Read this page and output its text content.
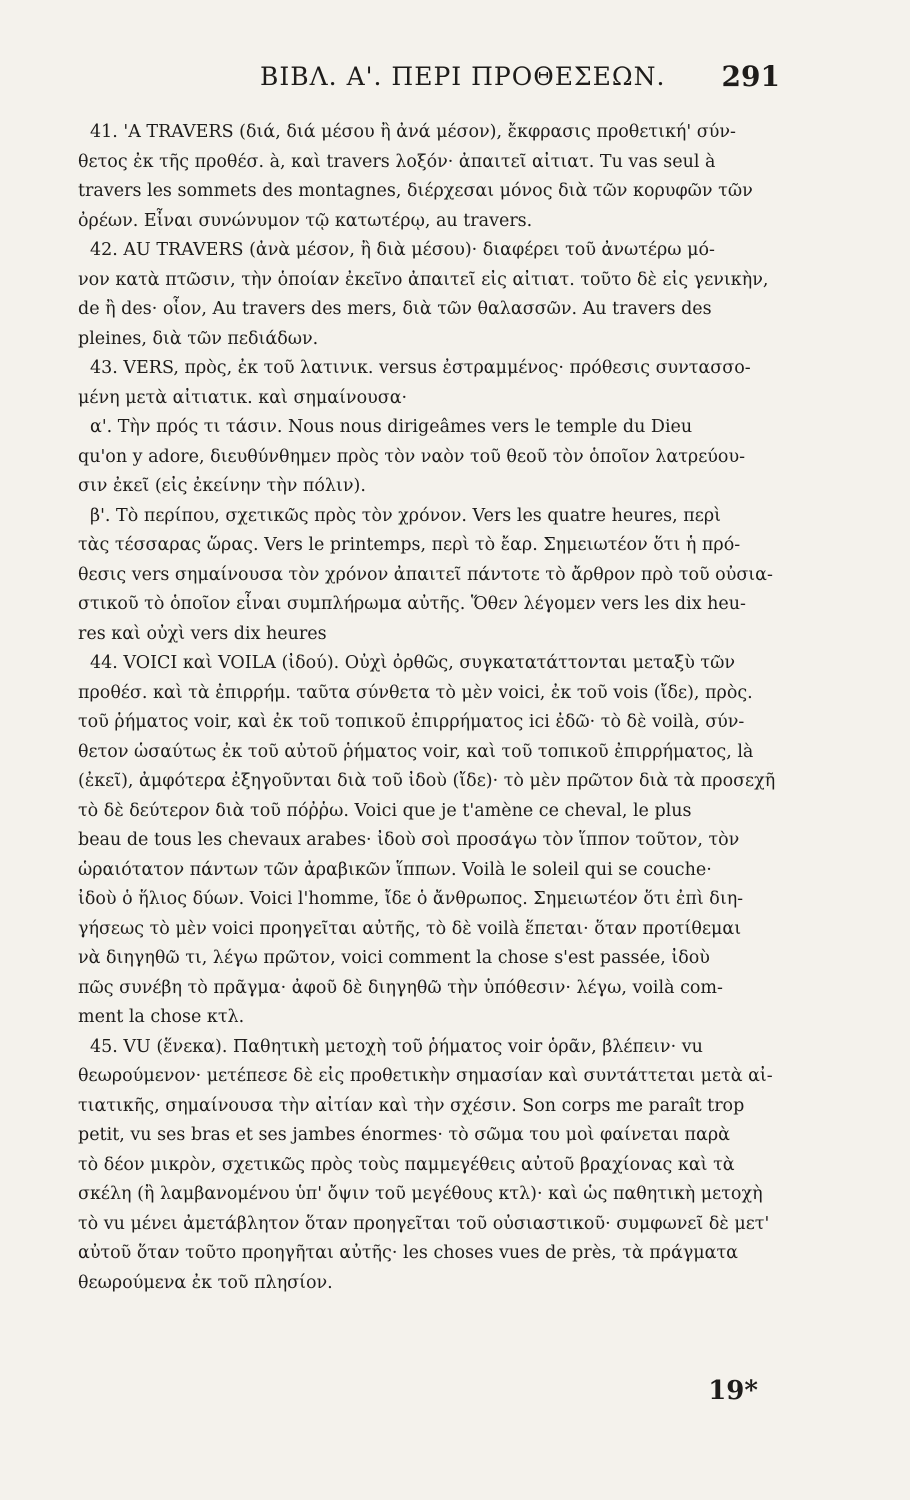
ΒΙΒΛ. Α'. ΠΕΡΙ ΠΡΟΘΕΣΕΩΝ. 291
41. 'A TRAVERS (διά, διά μέσου ἢ ἀνά μέσον), ἔκφρασις προθετική' σύν-
θετος ἐκ τῆς προθέσ. à, καὶ travers λοξόν· ἀπαιτεῖ αἰτιατ. Tu vas seul à
travers les sommets des montagnes, διέρχεσαι μόνος διὰ τῶν κορυφῶν τῶν
ὀρέων. Εἶναι συνώνυμον τῷ κατωτέρῳ, au travers.
42. AU TRAVERS (ἀνὰ μέσον, ἢ διὰ μέσου)· διαφέρει τοῦ ἀνωτέρω μό-
νον κατὰ πτῶσιν, τὴν ὁποίαν ἐκεῖνο ἀπαιτεῖ εἰς αἰτιατ. τοῦτο δὲ εἰς γενικὴν,
de ἢ des· οἷον, Au travers des mers, διὰ τῶν θαλασσῶν. Au travers des
pleines, διὰ τῶν πεδιάδων.
43. VERS, πρὸς, ἐκ τοῦ λατινικ. versus ἐστραμμένος· πρόθεσις συντασσο-
μένη μετὰ αἰτιατικ. καὶ σημαίνουσα·
α'. Τὴν πρός τι τάσιν. Nous nous dirigeâmes vers le temple du Dieu
qu'on y adore, διευθύνθημεν πρὸς τὸν ναὸν τοῦ θεοῦ τὸν ὁποῖον λατρεύου-
σιν ἐκεῖ (εἰς ἐκείνην τὴν πόλιν).
β'. Τὸ περίπου, σχετικῶς πρὸς τὸν χρόνον. Vers les quatre heures, περὶ
τὰς τέσσαρας ὥρας. Vers le printemps, περὶ τὸ ἔαρ. Σημειωτέον ὅτι ἡ πρό-
θεσις vers σημαίνουσα τὸν χρόνον ἀπαιτεῖ πάντοτε τὸ ἄρθρον πρὸ τοῦ οὐσια-
στικοῦ τὸ ὁποῖον εἶναι συμπλήρωμα αὐτῆς. Ὅθεν λέγομεν vers les dix heu-
res καὶ οὐχὶ vers dix heures
44. VOICI καὶ VOILA (ἰδού). Οὐχὶ ὀρθῶς, συγκατατάττονται μεταξὺ τῶν
προθέσ. καὶ τὰ ἐπιρρήμ. ταῦτα σύνθετα τὸ μὲν voici, ἐκ τοῦ vois (ἴδε), πρὸς.
τοῦ ῥήματος voir, καὶ ἐκ τοῦ τοπικοῦ ἐπιρρήματος ici ἐδῶ· τὸ δὲ voilà, σύν-
θετον ὡσαύτως ἐκ τοῦ αὐτοῦ ῥήματος voir, καὶ τοῦ τοπικοῦ ἐπιρρήματος, là
(ἐκεῖ), ἀμφότερα ἐξηγοῦνται διὰ τοῦ ἰδοὺ (ἴδε)· τὸ μὲν πρῶτον διὰ τὰ προσεχῆ
τὸ δὲ δεύτερον διὰ τοῦ πόῤῥω. Voici que je t'amène ce cheval, le plus
beau de tous les chevaux arabes· ἰδοὺ σοὶ προσάγω τὸν ἵππον τοῦτον, τὸν
ὡραιότατον πάντων τῶν ἀραβικῶν ἵππων. Voilà le soleil qui se couche·
ἰδοὺ ὁ ἥλιος δύων. Voici l'homme, ἴδε ὁ ἄνθρωπος. Σημειωτέον ὅτι ἐπὶ διη-
γήσεως τὸ μὲν voici προηγεῖται αὐτῆς, τὸ δὲ voilà ἕπεται· ὅταν προτίθεμαι
νὰ διηγηθῶ τι, λέγω πρῶτον, voici comment la chose s'est passée, ἰδοὺ
πῶς συνέβη τὸ πρᾶγμα· ἀφοῦ δὲ διηγηθῶ τὴν ὑπόθεσιν· λέγω, voilà com-
ment la chose κτλ.
45. VU (ἕνεκα). Παθητικὴ μετοχὴ τοῦ ῥήματος voir ὁρᾶν, βλέπειν· vu
θεωρούμενον· μετέπεσε δὲ εἰς προθετικὴν σημασίαν καὶ συντάττεται μετὰ αἰ-
τιατικῆς, σημαίνουσα τὴν αἰτίαν καὶ τὴν σχέσιν. Son corps me paraît trop
petit, vu ses bras et ses jambes énormes· τὸ σῶμα του μοὶ φαίνεται παρὰ
τὸ δέον μικρὸν, σχετικῶς πρὸς τοὺς παμμεγέθεις αὐτοῦ βραχίονας καὶ τὰ
σκέλη (ἢ λαμβανομένου ὑπ' ὄψιν τοῦ μεγέθους κτλ)· καὶ ὡς παθητικὴ μετοχὴ
τὸ vu μένει ἀμετάβλητον ὅταν προηγεῖται τοῦ οὐσιαστικοῦ· συμφωνεῖ δὲ μετ'
αὐτοῦ ὅταν τοῦτο προηγῆται αὐτῆς· les choses vues de près, τὰ πράγματα
θεωρούμενα ἐκ τοῦ πλησίον.
19*
